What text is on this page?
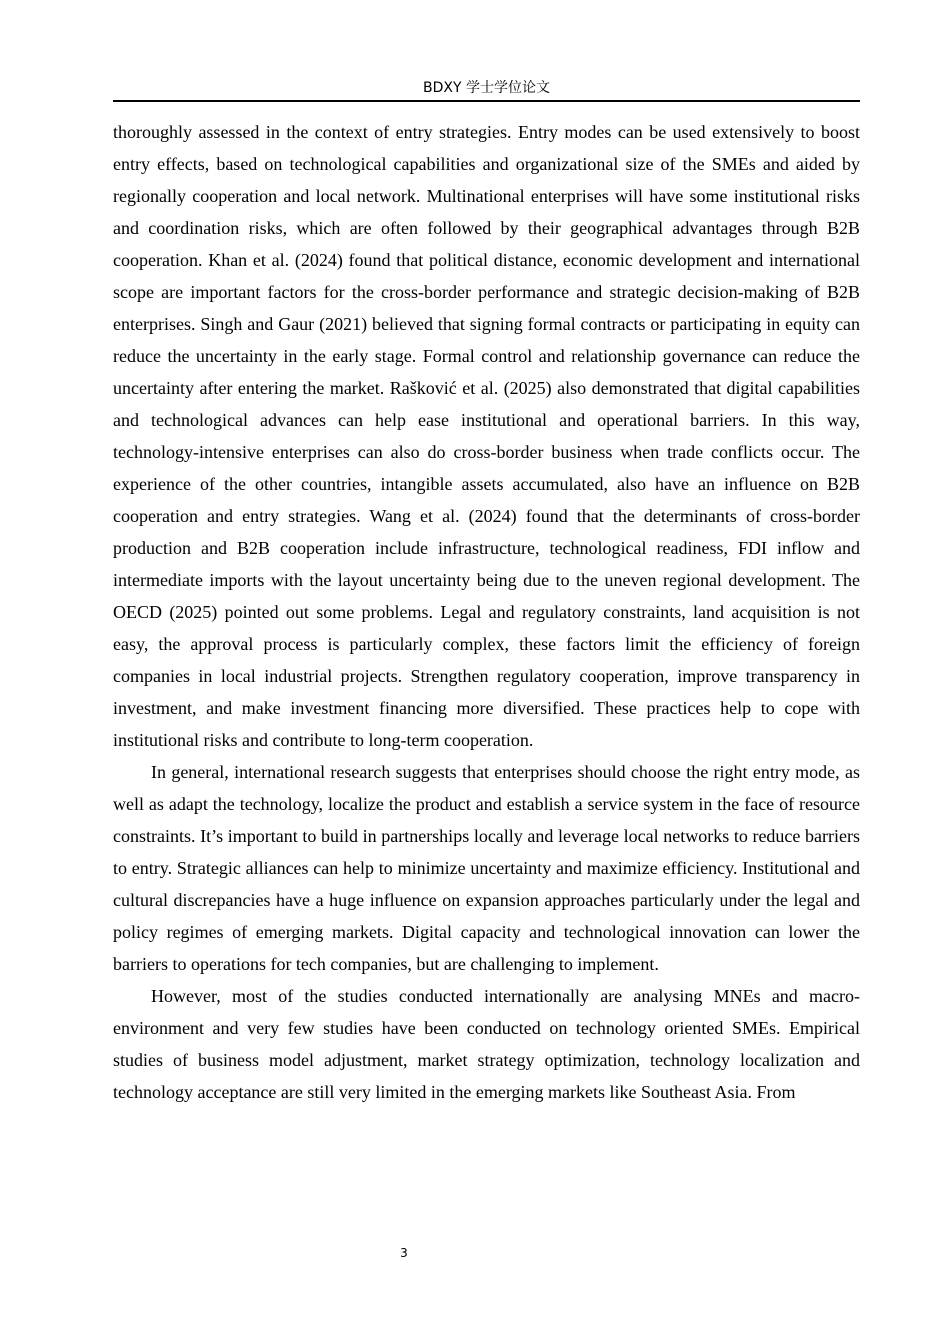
BDXY 学士学位论文

thoroughly assessed in the context of entry strategies. Entry modes can be used extensively to boost entry effects, based on technological capabilities and organizational size of the SMEs and aided by regionally cooperation and local network. Multinational enterprises will have some institutional risks and coordination risks, which are often followed by their geographical advantages through B2B cooperation. Khan et al. (2024) found that political distance, economic development and international scope are important factors for the cross-border performance and strategic decision-making of B2B enterprises. Singh and Gaur (2021) believed that signing formal contracts or participating in equity can reduce the uncertainty in the early stage. Formal control and relationship governance can reduce the uncertainty after entering the market. Rašković et al. (2025) also demonstrated that digital capabilities and technological advances can help ease institutional and operational barriers. In this way, technology-intensive enterprises can also do cross-border business when trade conflicts occur. The experience of the other countries, intangible assets accumulated, also have an influence on B2B cooperation and entry strategies. Wang et al. (2024) found that the determinants of cross-border production and B2B cooperation include infrastructure, technological readiness, FDI inflow and intermediate imports with the layout uncertainty being due to the uneven regional development. The OECD (2025) pointed out some problems. Legal and regulatory constraints, land acquisition is not easy, the approval process is particularly complex, these factors limit the efficiency of foreign companies in local industrial projects. Strengthen regulatory cooperation, improve transparency in investment, and make investment financing more diversified. These practices help to cope with institutional risks and contribute to long-term cooperation.

In general, international research suggests that enterprises should choose the right entry mode, as well as adapt the technology, localize the product and establish a service system in the face of resource constraints. It’s important to build in partnerships locally and leverage local networks to reduce barriers to entry. Strategic alliances can help to minimize uncertainty and maximize efficiency. Institutional and cultural discrepancies have a huge influence on expansion approaches particularly under the legal and policy regimes of emerging markets. Digital capacity and technological innovation can lower the barriers to operations for tech companies, but are challenging to implement.

However, most of the studies conducted internationally are analysing MNEs and macro-environment and very few studies have been conducted on technology oriented SMEs. Empirical studies of business model adjustment, market strategy optimization, technology localization and technology acceptance are still very limited in the emerging markets like Southeast Asia. From

3
